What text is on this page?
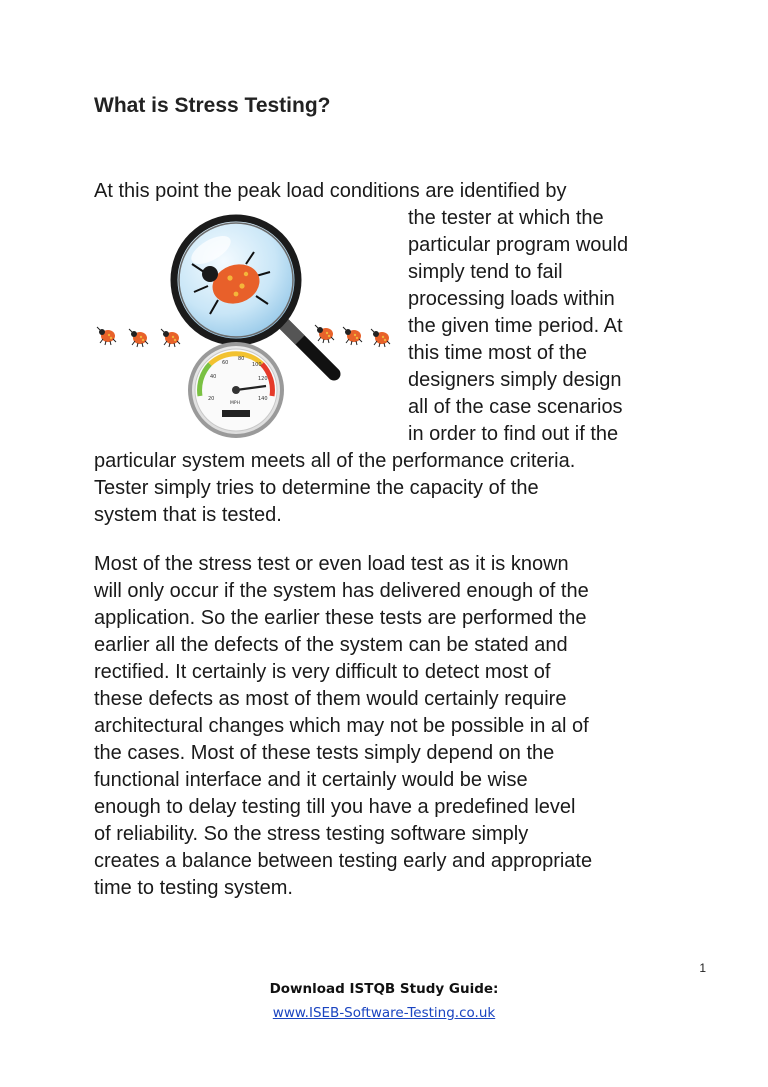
What is Stress Testing?
At this point the peak load conditions are identified by
the tester at which the
particular program would
simply tend to fail
processing loads within
the given time period. At
this time most of the
designers simply design
all of the case scenarios
in order to find out if the
particular system meets all of the performance criteria.
Tester simply tries to determine the capacity of the
system that is tested.
20
40
60
80
100
120
140
MPH
Most of the stress test or even load test as it is known
will only occur if the system has delivered enough of the
application. So the earlier these tests are performed the
earlier all the defects of the system can be stated and
rectified. It certainly is very difficult to detect most of
these defects as most of them would certainly require
architectural changes which may not be possible in al of
the cases. Most of these tests simply depend on the
functional interface and it certainly would be wise
enough to delay testing till you have a predefined level
of reliability. So the stress testing software simply
creates a balance between testing early and appropriate
time to testing system.
1
Download ISTQB Study Guide:
www.ISEB-Software-Testing.co.uk
